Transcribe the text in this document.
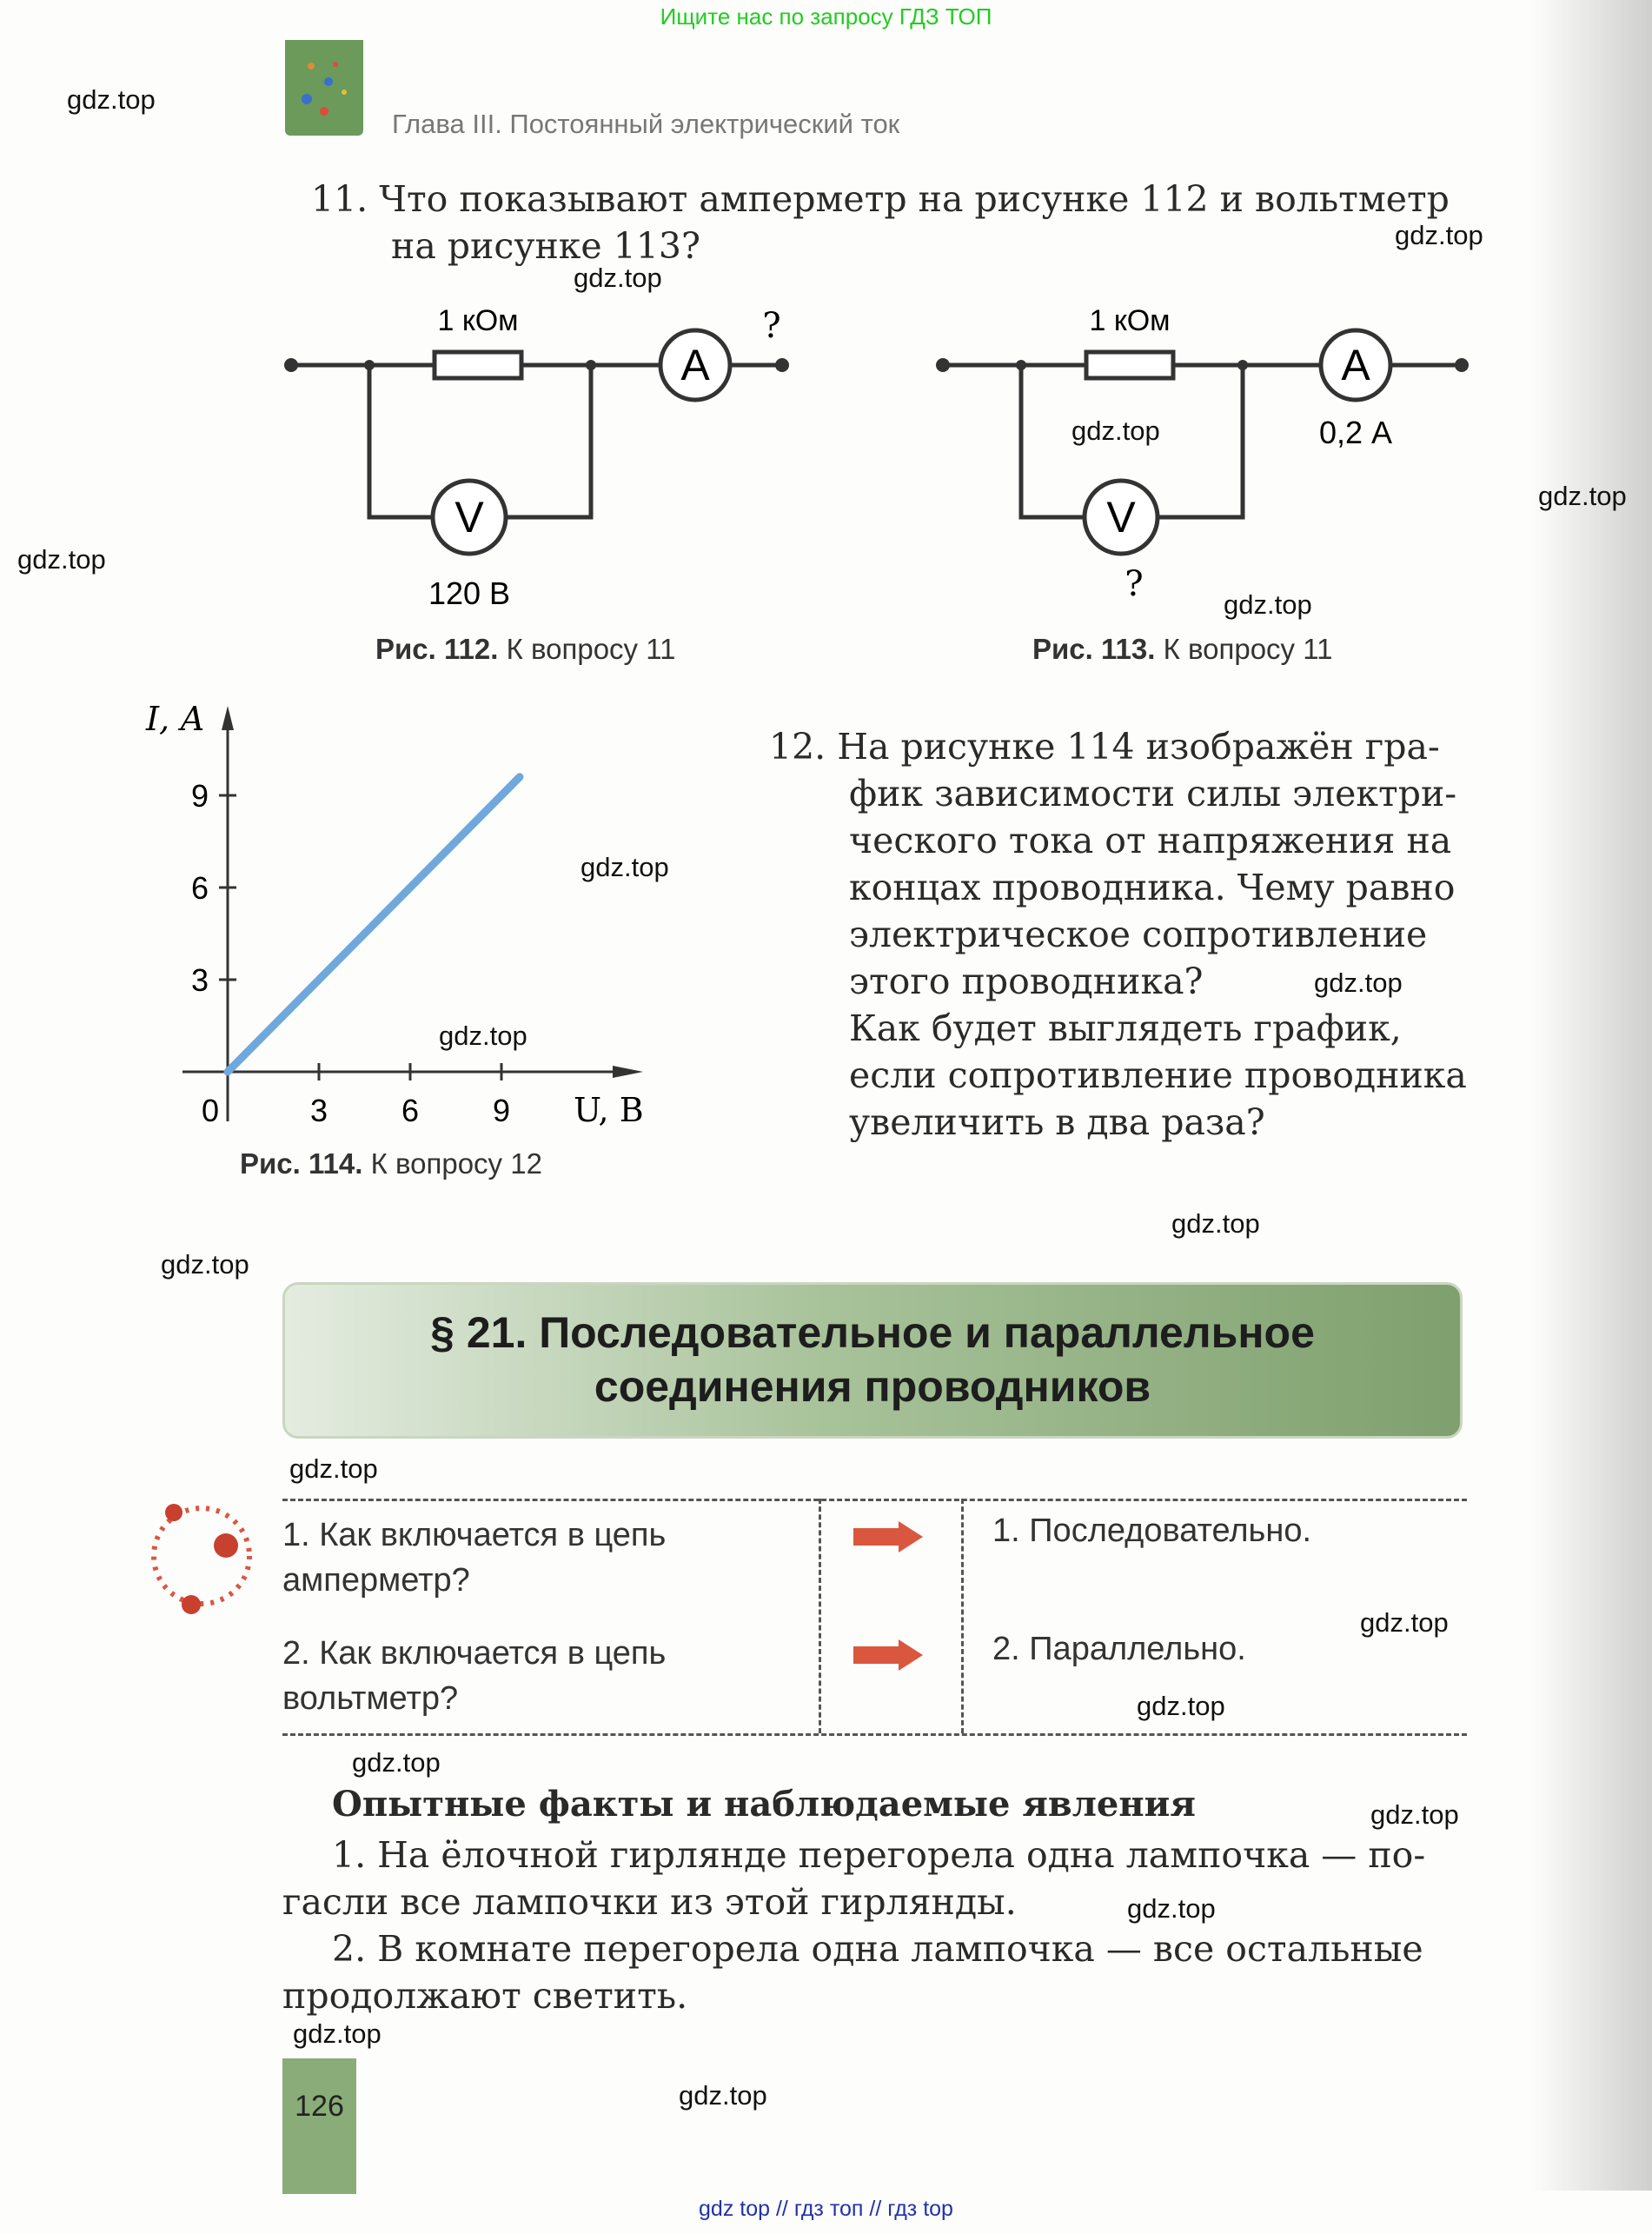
Ищите нас по запросу ГДЗ ТОП
Глава III. Постоянный электрический ток
11. Что показывают амперметр на рисунке 112 и вольтметр
на рисунке 113?
A
V
1 кОм	?
120 В
Рис. 112. К вопросу 11
A
V
1 кОм
0,2 А
?
Рис. 113. К вопросу 11
3 6 9
3
6
9
I, А
U, В
0
Рис. 114. К вопросу 12
12. На рисунке 114 изображён гра-
фик зависимости силы электри-
ческого тока от напряжения на
концах проводника. Чему равно
электрическое сопротивление
этого проводника?
Как будет выглядеть график,
если сопротивление проводника
увеличить в два раза?
§ 21. Последовательное и параллельное
соединения проводников
1. Как включается в цепь
амперметр?
2. Как включается в цепь
вольтметр?
1. Последовательно.
2. Параллельно.
Опытные факты и наблюдаемые явления
1. На ёлочной гирлянде перегорела одна лампочка — по-
гасли все лампочки из этой гирлянды.
2. В комнате перегорела одна лампочка — все остальные
продолжают светить.
126
gdz top // гдз топ // гдз top
gdz.top
gdz.top
gdz.top
gdz.top
gdz.top
gdz.top
gdz.top
gdz.top
gdz.top
gdz.top
gdz.top
gdz.top
gdz.top
gdz.top
gdz.top
gdz.top
gdz.top
gdz.top
gdz.top
gdz.top
